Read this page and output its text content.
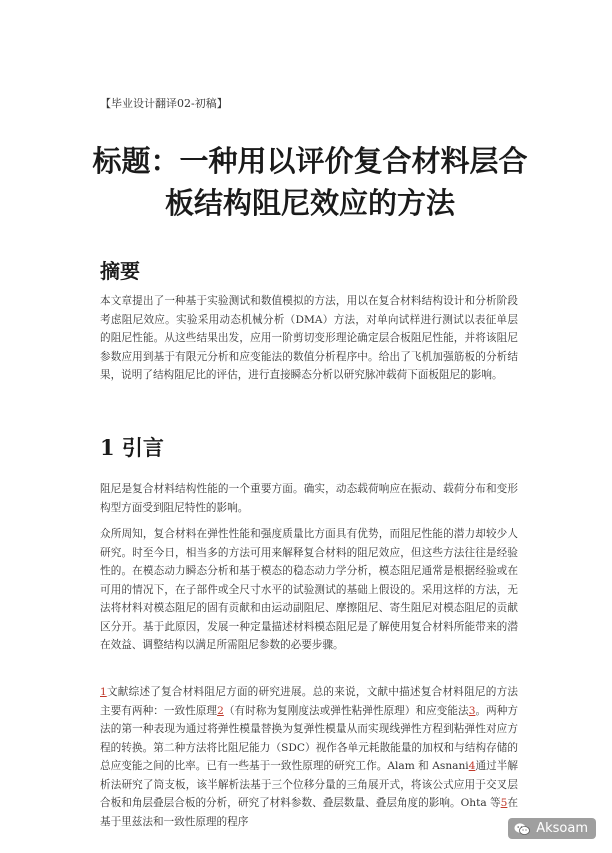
【毕业设计翻译02-初稿】
标题：一种用以评价复合材料层合板结构阻尼效应的方法
摘要
本文章提出了一种基于实验测试和数值模拟的方法，用以在复合材料结构设计和分析阶段考虑阻尼效应。实验采用动态机械分析（DMA）方法，对单向试样进行测试以表征单层的阻尼性能。从这些结果出发，应用一阶剪切变形理论确定层合板阻尼性能，并将该阻尼参数应用到基于有限元分析和应变能法的数值分析程序中。给出了飞机加强筋板的分析结果，说明了结构阻尼比的评估，进行直接瞬态分析以研究脉冲载荷下面板阻尼的影响。
1 引言
阻尼是复合材料结构性能的一个重要方面。确实，动态载荷响应在振动、载荷分布和变形构型方面受到阻尼特性的影响。
众所周知，复合材料在弹性性能和强度质量比方面具有优势，而阻尼性能的潜力却较少人研究。时至今日，相当多的方法可用来解释复合材料的阻尼效应，但这些方法往往是经验性的。在模态动力瞬态分析和基于模态的稳态动力学分析，模态阻尼通常是根据经验或在可用的情况下，在子部件或全尺寸水平的试验测试的基础上假设的。采用这样的方法，无法将材料对模态阻尼的固有贡献和由运动副阻尼、摩擦阻尼、寄生阻尼对模态阻尼的贡献区分开。基于此原因，发展一种定量描述材料模态阻尼是了解使用复合材料所能带来的潜在效益、调整结构以满足所需阻尼参数的必要步骤。
1文献综述了复合材料阻尼方面的研究进展。总的来说，文献中描述复合材料阻尼的方法主要有两种：一致性原理2（有时称为复刚度法或弹性粘弹性原理）和应变能法3。两种方法的第一种表现为通过将弹性模量替换为复弹性模量从而实现线弹性方程到粘弹性对应方程的转换。第二种方法将比阻尼能力（SDC）视作各单元耗散能量的加权和与结构存储的总应变能之间的比率。已有一些基于一致性原理的研究工作。Alam 和 Asnani4通过半解析法研究了筒支板，该半解析法基于三个位移分量的三角展开式，将该公式应用于交叉层合板和角层叠层合板的分析，研究了材料参数、叠层数量、叠层角度的影响。Ohta 等5在基于里兹法和一致性原理的程序	Aksoam
